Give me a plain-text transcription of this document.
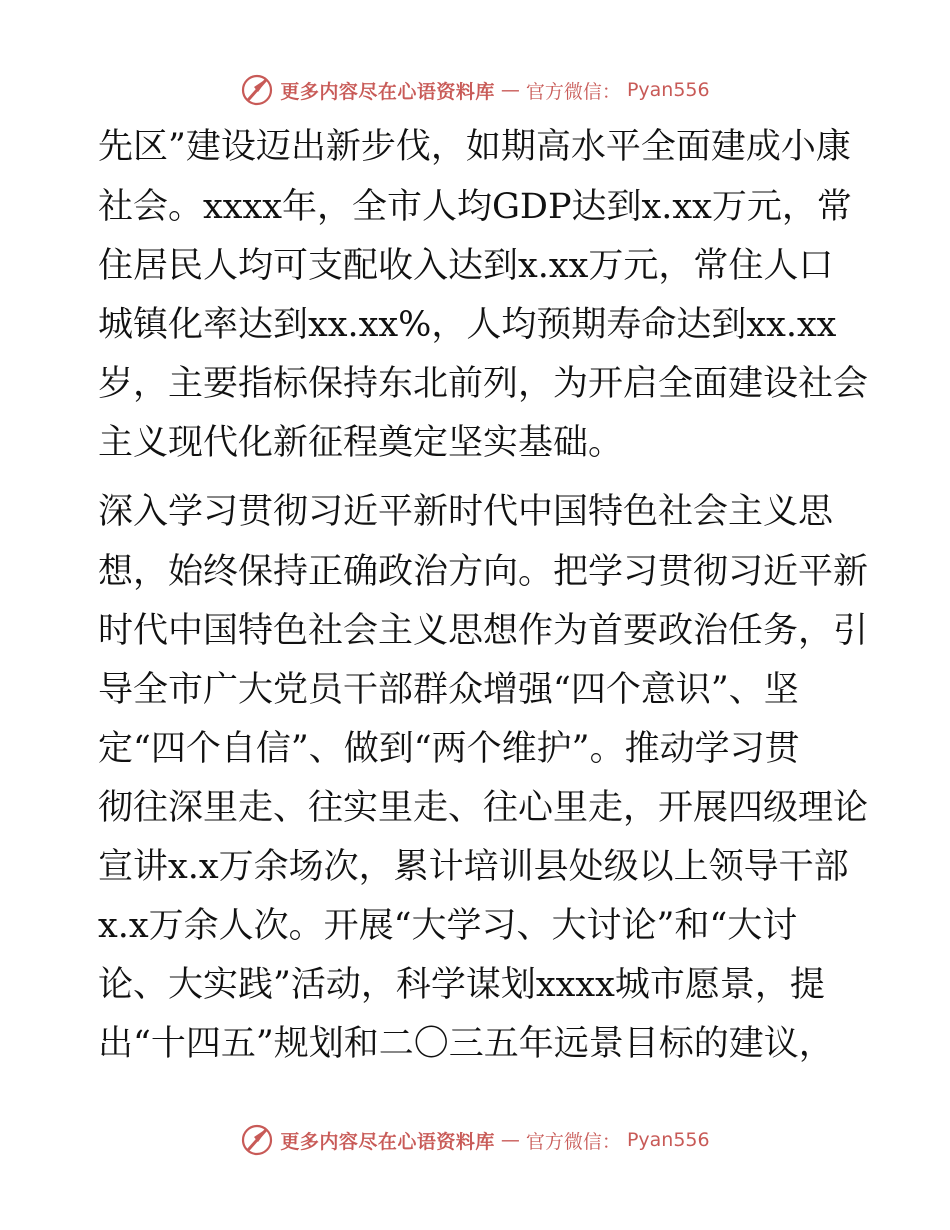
更多内容尽在心语资料库 — 官方微信： Pyan556
先区”建设迈出新步伐，如期高水平全面建成小康
社会。xxxx年，全市人均GDP达到x.xx万元，常
住居民人均可支配收入达到x.xx万元，常住人口
城镇化率达到xx.xx%，人均预期寿命达到xx.xx
岁，主要指标保持东北前列，为开启全面建设社会
主义现代化新征程奠定坚实基础。
深入学习贯彻习近平新时代中国特色社会主义思
想，始终保持正确政治方向。把学习贯彻习近平新
时代中国特色社会主义思想作为首要政治任务，引
导全市广大党员干部群众增强“四个意识”、坚
定“四个自信”、做到“两个维护”。推动学习贯
彻往深里走、往实里走、往心里走，开展四级理论
宣讲x.x万余场次，累计培训县处级以上领导干部
x.x万余人次。开展“大学习、大讨论”和“大讨
论、大实践”活动，科学谋划xxxx城市愿景，提
出“十四五”规划和二〇三五年远景目标的建议，
更多内容尽在心语资料库 — 官方微信： Pyan556
